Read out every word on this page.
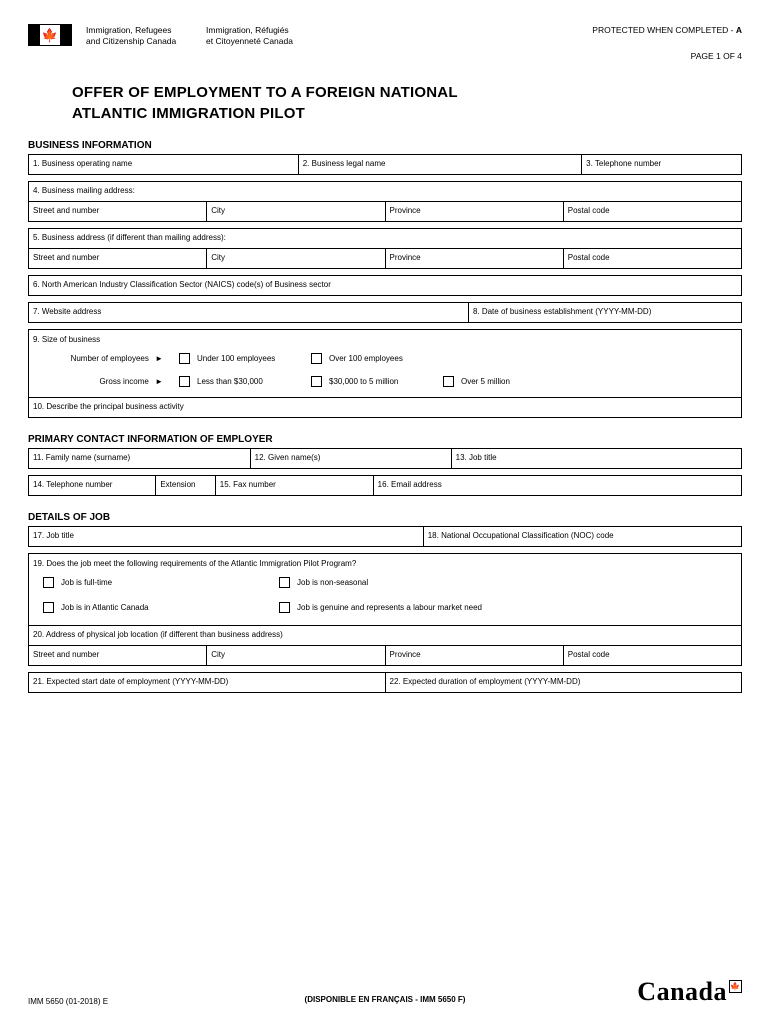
🍁	Immigration, Refugees
and Citizenship Canada
Immigration, Réfugiés
et Citoyenneté Canada
PROTECTED WHEN COMPLETED - A
PAGE 1 OF 4
OFFER OF EMPLOYMENT TO A FOREIGN NATIONAL
ATLANTIC IMMIGRATION PILOT
BUSINESS INFORMATION
1. Business operating name	2. Business legal name	3. Telephone number
4. Business mailing address:
Street and number	City	Province	Postal code
5. Business address (if different than mailing address):
Street and number	City	Province	Postal code
6. North American Industry Classification Sector (NAICS) code(s) of Business sector
7. Website address	8. Date of business establishment (YYYY-MM-DD)
9. Size of business
Number of employees ►	Under 100 employees	Over 100 employees
Gross income ►	Less than $30,000	$30,000 to 5 million	Over 5 million

10. Describe the principal business activity
PRIMARY CONTACT INFORMATION OF EMPLOYER
11. Family name (surname)	12. Given name(s)	13. Job title
14. Telephone number	Extension	15. Fax number	16. Email address
DETAILS OF JOB
17. Job title	18. National Occupational Classification (NOC) code
19. Does the job meet the following requirements of the Atlantic Immigration Pilot Program?
Job is full-time	Job is non-seasonal
Job is in Atlantic Canada	Job is genuine and represents a labour market need
20. Address of physical job location (if different than business address)
Street and number	City	Province	Postal code
21. Expected start date of employment (YYYY-MM-DD)	22. Expected duration of employment (YYYY-MM-DD)
IMM 5650 (01-2018) E	(DISPONIBLE EN FRANÇAIS - IMM 5650 F)	Canada 🍁
